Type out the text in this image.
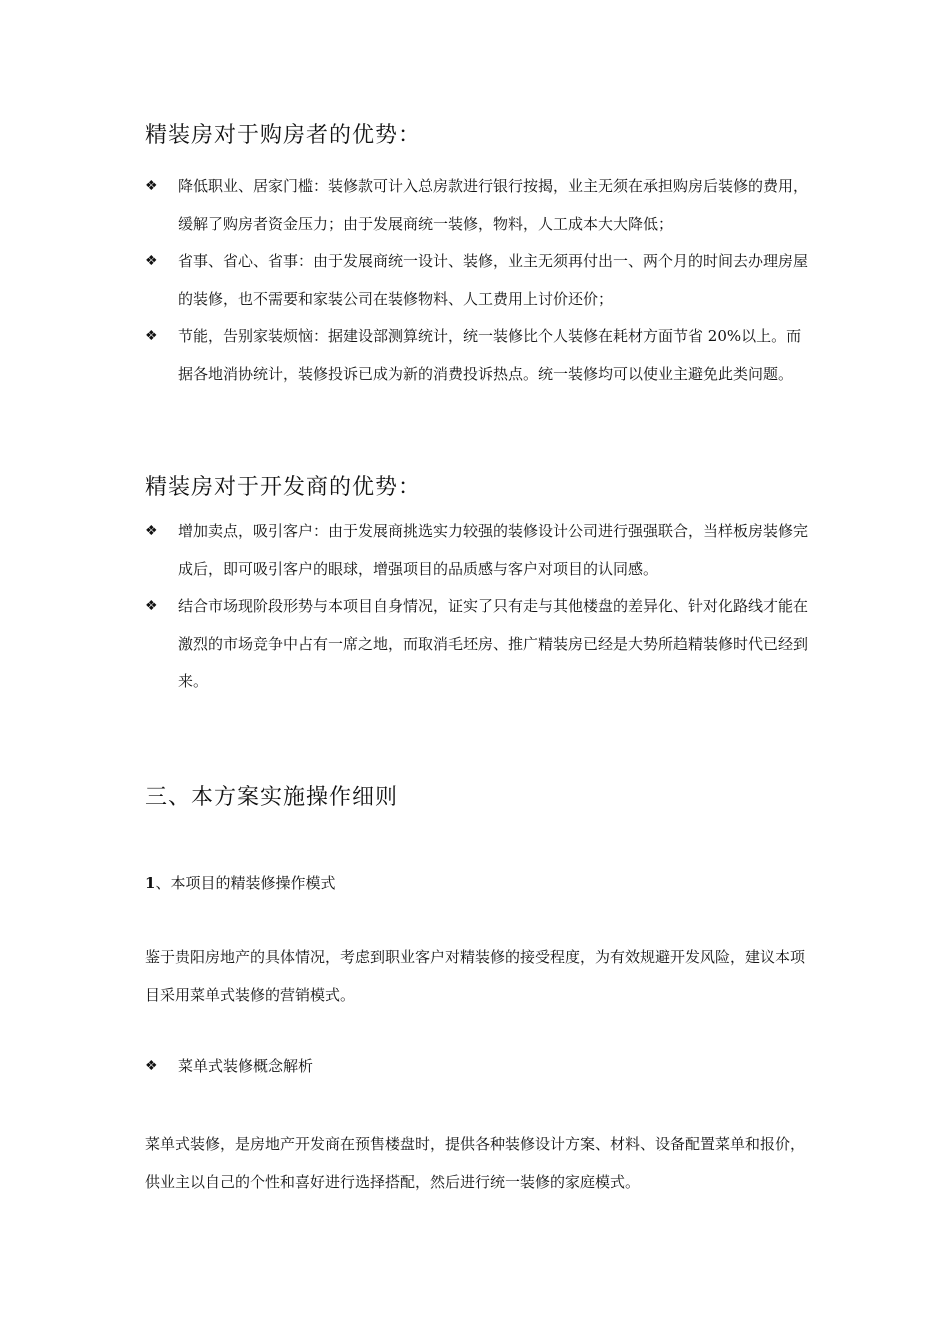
精装房对于购房者的优势：
❖ 降低职业、居家门槛：装修款可计入总房款进行银行按揭，业主无须在承担购房后装修的费用，缓解了购房者资金压力；由于发展商统一装修，物料，人工成本大大降低；
❖ 省事、省心、省事：由于发展商统一设计、装修，业主无须再付出一、两个月的时间去办理房屋的装修，也不需要和家装公司在装修物料、人工费用上讨价还价；
❖ 节能，告别家装烦恼：据建设部测算统计，统一装修比个人装修在耗材方面节省 20%以上。而据各地消协统计，装修投诉已成为新的消费投诉热点。统一装修均可以使业主避免此类问题。
精装房对于开发商的优势：
❖ 增加卖点，吸引客户：由于发展商挑选实力较强的装修设计公司进行强强联合，当样板房装修完成后，即可吸引客户的眼球，增强项目的品质感与客户对项目的认同感。
❖ 结合市场现阶段形势与本项目自身情况，证实了只有走与其他楼盘的差异化、针对化路线才能在激烈的市场竞争中占有一席之地，而取消毛坯房、推广精装房已经是大势所趋精装修时代已经到来。
三、本方案实施操作细则
1、本项目的精装修操作模式

鉴于贵阳房地产的具体情况，考虑到职业客户对精装修的接受程度，为有效规避开发风险，建议本项目采用菜单式装修的营销模式。

❖ 菜单式装修概念解析

菜单式装修，是房地产开发商在预售楼盘时，提供各种装修设计方案、材料、设备配置菜单和报价，供业主以自己的个性和喜好进行选择搭配，然后进行统一装修的家庭模式。
